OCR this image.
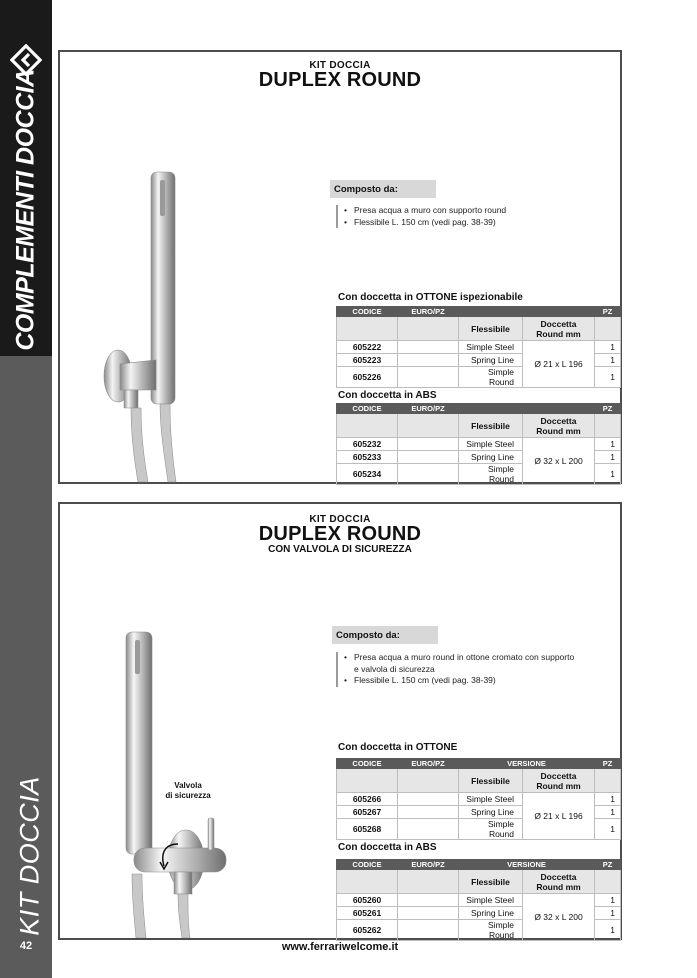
COMPLEMENTI DOCCIA
KIT DOCCIA
42
KIT DOCCIA
DUPLEX ROUND
Composto da:
• Presa acqua a muro con supporto round
• Flessibile L. 150 cm (vedi pag. 38-39)
Con doccetta in OTTONE ispezionabile
CODICE	EURO/PZ			PZ
		Flessibile	Doccetta Round mm	
605222		Simple Steel	Ø 21 x L 196	1
605223		Spring Line		1
605226		Simple Round		1
Con doccetta in ABS
CODICE	EURO/PZ			PZ
		Flessibile	Doccetta Round mm	
605232		Simple Steel	Ø 32 x L 200	1
605233		Spring Line		1
605234		Simple Round		1
KIT DOCCIA
DUPLEX ROUND
CON VALVOLA DI SICUREZZA
Composto da:
• Presa acqua a muro round in ottone cromato con supporto e valvola di sicurezza
• Flessibile L. 150 cm (vedi pag. 38-39)
Con doccetta in OTTONE
CODICE	EURO/PZ	VERSIONE		PZ
		Flessibile	Doccetta Round mm	
605266		Simple Steel	Ø 21 x L 196	1
605267		Spring Line		1
605268		Simple Round		1
Con doccetta in ABS
CODICE	EURO/PZ	VERSIONE		PZ
		Flessibile	Doccetta Round mm	
605260		Simple Steel	Ø 32 x L 200	1
605261		Spring Line		1
605262		Simple Round		1
Valvola
di sicurezza
www.ferrariwelcome.it
